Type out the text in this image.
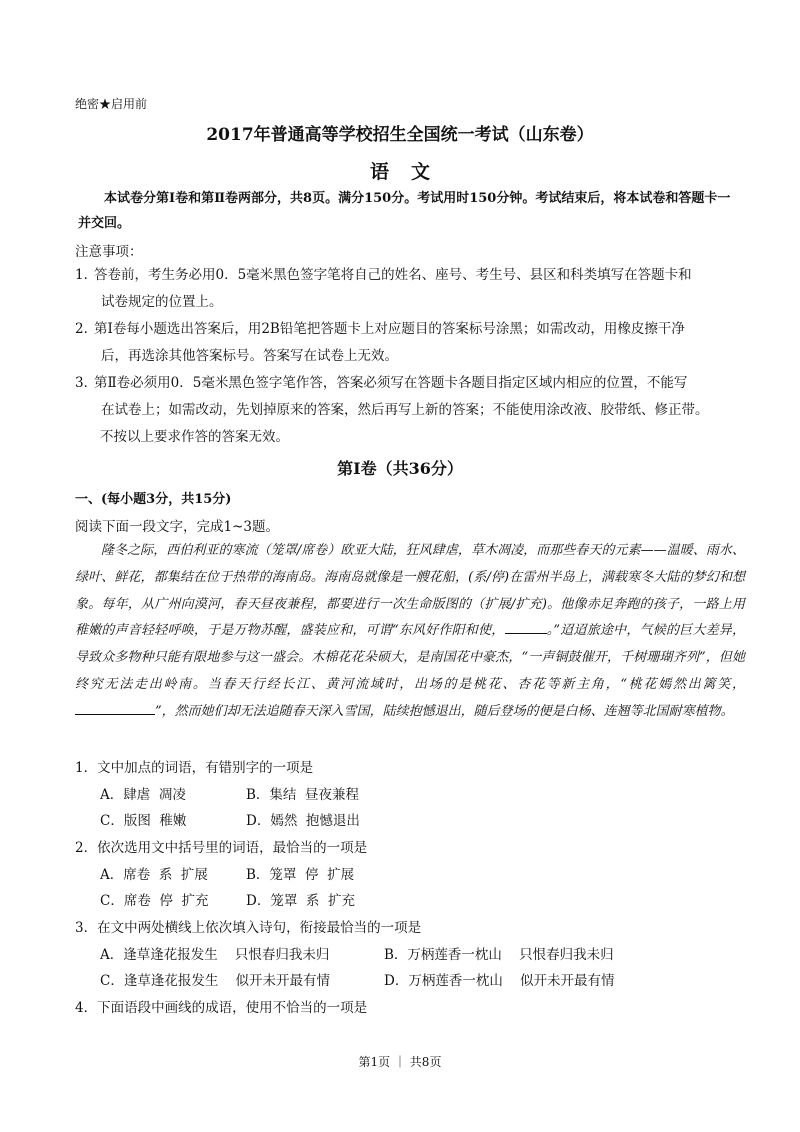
绝密★启用前
2017年普通高等学校招生全国统一考试（山东卷）
语文
本试卷分第Ⅰ卷和第Ⅱ卷两部分，共8页。满分150分。考试用时150分钟。考试结束后，将本试卷和答题卡一并交回。
注意事项：
1．
答卷前，考生务必用0．5毫米黑色签字笔将自己的姓名、座号、考生号、县区和科类填写在答题卡和
试卷规定的位置上。
2．
第Ⅰ卷每小题选出答案后，用2B铅笔把答题卡上对应题目的答案标号涂黑；如需改动，用橡皮擦干净
后，再选涂其他答案标号。答案写在试卷上无效。
3．
第Ⅱ卷必须用0．5毫米黑色签字笔作答，答案必须写在答题卡各题目指定区域内相应的位置，不能写
在试卷上；如需改动，先划掉原来的答案，然后再写上新的答案；不能使用涂改液、胶带纸、修正带。
不按以上要求作答的答案无效。
第Ⅰ卷（共36分）
一、(每小题3分，共15分)
阅读下面一段文字，完成1~3题。

隆冬之际，西伯利亚的寒流（笼罩/席卷）欧亚大陆，狂风肆虐，草木凋凌，而那些春天的元素——温暖、雨水、绿叶、鲜花，都集结在位于热带的海南岛。海南岛就像是一艘花船，(系/停)在雷州半岛上，满载寒冬大陆的梦幻和想象。每年，从广州向漠河，春天昼夜兼程，都要进行一次生命版图的（扩展/扩充)。他像赤足奔跑的孩子，一路上用稚嫩的声音轻轻呼唤，于是万物苏醒，盛装应和，可谓“东风好作阳和使，	。”迢迢旅途中，气候的巨大差异，导致众多物种只能有限地参与这一盛会。木棉花花朵硕大，是南国花中豪杰，“一声铜鼓催开，千树珊瑚齐列”，但她终究无法走出岭南。当春天行经长江、黄河流域时，出场的是桃花、杏花等新主角，“桃花嫣然出篱笑，”，然而她们却无法追随春天深入雪国，陆续抱憾退出，随后登场的便是白杨、连翘等北国耐寒植物。

1．文中加点的词语，有错别字的一项是
A．肆虐  凋凌	B．集结  昼夜兼程
C．版图  稚嫩	D．嫣然  抱憾退出
2．依次选用文中括号里的词语，最恰当的一项是
A．席卷  系  扩展	B．笼罩  停  扩展
C．席卷  停  扩充	D．笼罩  系  扩充
3．在文中两处横线上依次填入诗句，衔接最恰当的一项是
A．逢草逢花报发生    只恨春归我未归	B．万柄莲香一枕山    只恨春归我未归
C．逢草逢花报发生    似开未开最有情	D．万柄莲香一枕山    似开未开最有情
4．下面语段中画线的成语，使用不恰当的一项是
第1页 ｜ 共8页
